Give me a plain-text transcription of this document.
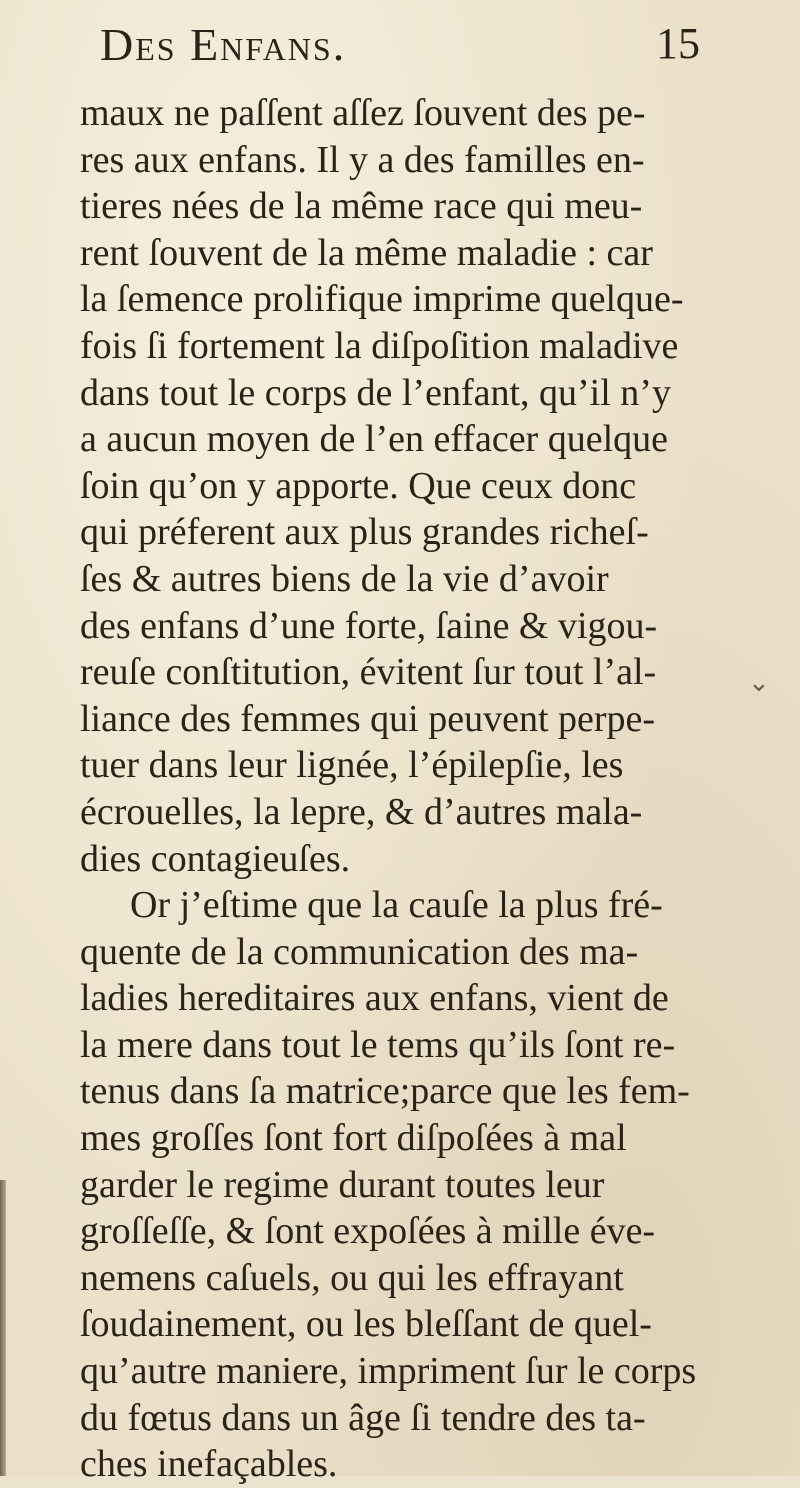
Des Enfans.	15
maux ne paſſent aſſez ſouvent des pe-
res aux enfans. Il y a des familles en-
tieres nées de la même race qui meu-
rent ſouvent de la même maladie : car
la ſemence prolifique imprime quelque-
fois ſi fortement la diſpoſition maladive
dans tout le corps de l’enfant, qu’il n’y
a aucun moyen de l’en effacer quelque
ſoin qu’on y apporte. Que ceux donc
qui préferent aux plus grandes richeſ-
ſes & autres biens de la vie d’avoir
des enfans d’une forte, ſaine & vigou-
reuſe conſtitution, évitent ſur tout l’al-
liance des femmes qui peuvent perpe-
tuer dans leur lignée, l’épilepſie, les
écrouelles, la lepre, & d’autres mala-
dies contagieuſes.
Or j’eſtime que la cauſe la plus fré-
quente de la communication des ma-
ladies hereditaires aux enfans, vient de
la mere dans tout le tems qu’ils ſont re-
tenus dans ſa matrice;parce que les fem-
mes groſſes ſont fort diſpoſées à mal
garder le regime durant toutes leur
groſſeſſe, & ſont expoſées à mille éve-
nemens caſuels, ou qui les effrayant
ſoudainement, ou les bleſſant de quel-
qu’autre maniere, impriment ſur le corps
du fœtus dans un âge ſi tendre des ta-
ches inefaçables.
⌄
